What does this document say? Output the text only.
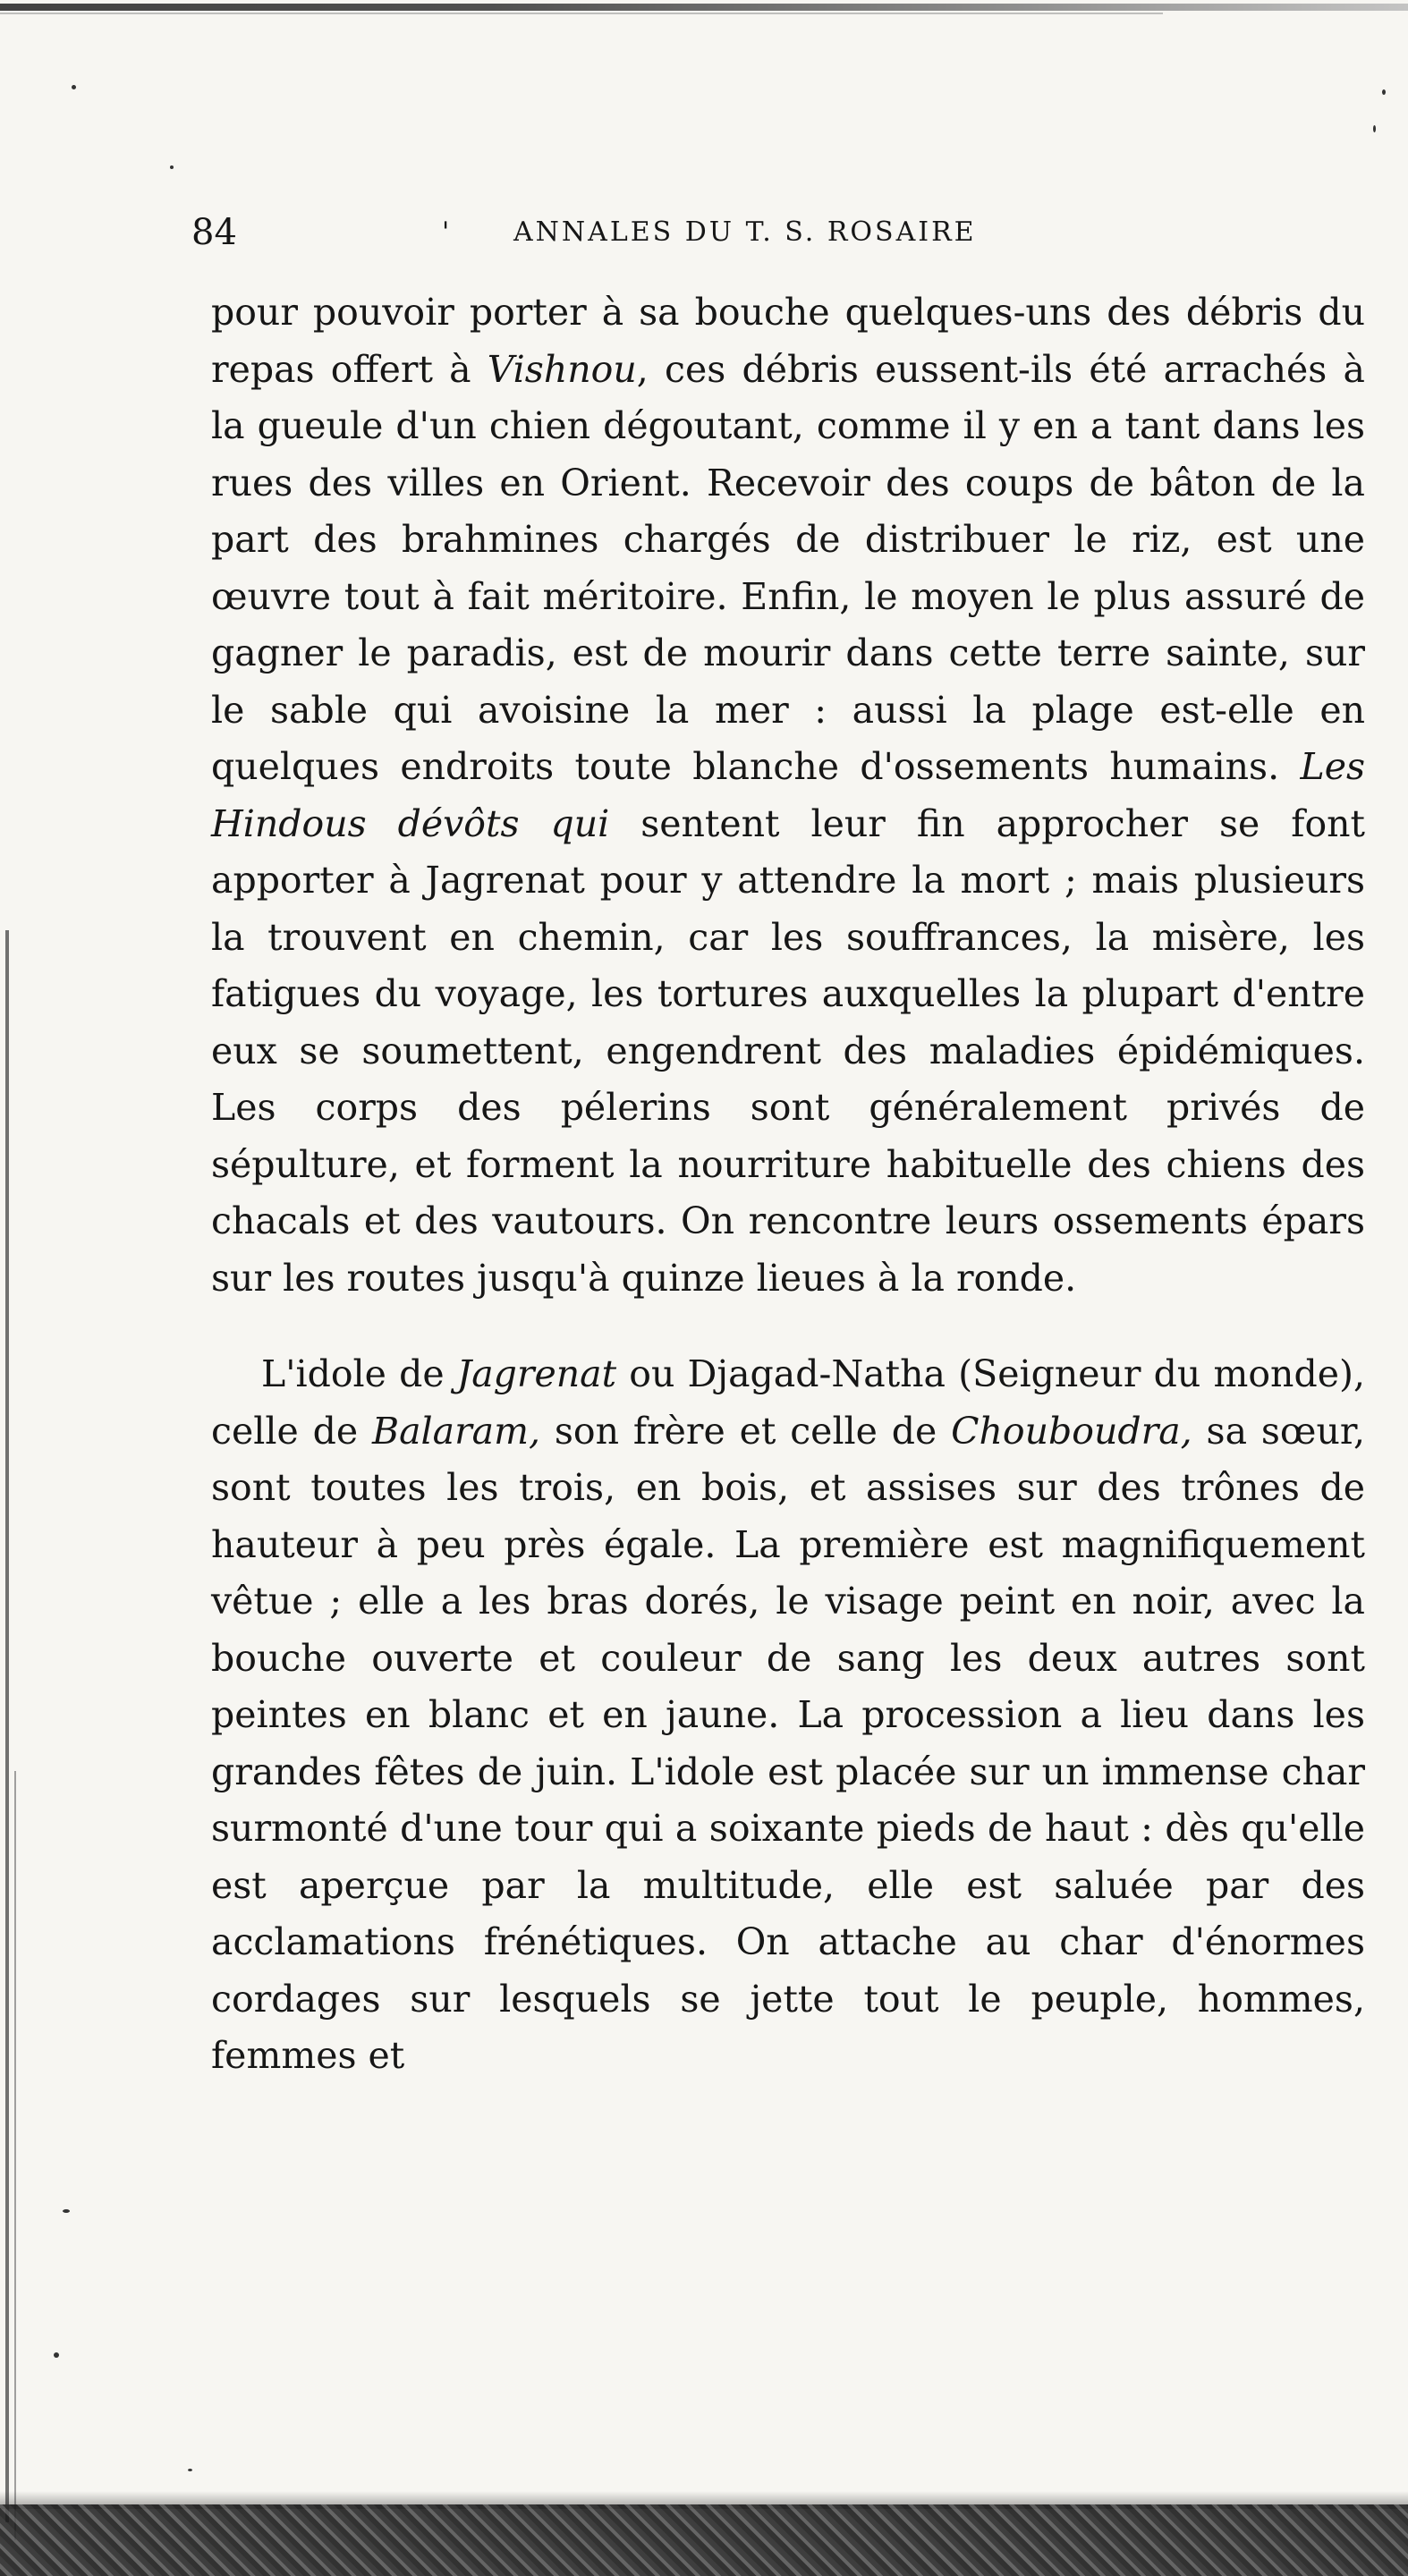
84	' ANNALES DU T. S. ROSAIRE

pour pouvoir porter à sa bouche quelques-uns des débris du repas offert à Vishnou, ces débris eussent-ils été arrachés à la gueule d'un chien dégoutant, comme il y en a tant dans les rues des villes en Orient. Recevoir des coups de bâton de la part des brahmines chargés de distribuer le riz, est une œuvre tout à fait méritoire. Enfin, le moyen le plus assuré de gagner le paradis, est de mourir dans cette terre sainte, sur le sable qui avoisine la mer : aussi la plage est-elle en quelques endroits toute blanche d'ossements humains. Les Hindous dévôts qui sentent leur fin approcher se font apporter à Jagrenat pour y attendre la mort ; mais plusieurs la trouvent en chemin, car les souffrances, la misère, les fatigues du voyage, les tortures auxquelles la plupart d'entre eux se soumettent, engendrent des maladies épidémiques. Les corps des pélerins sont généralement privés de sépulture, et forment la nourriture habituelle des chiens des chacals et des vautours. On rencontre leurs ossements épars sur les routes jusqu'à quinze lieues à la ronde.

L'idole de Jagrenat ou Djagad-Natha (Seigneur du monde), celle de Balaram, son frère et celle de Chouboudra, sa sœur, sont toutes les trois, en bois, et assises sur des trônes de hauteur à peu près égale. La première est magnifiquement vêtue ; elle a les bras dorés, le visage peint en noir, avec la bouche ouverte et couleur de sang les deux autres sont peintes en blanc et en jaune. La procession a lieu dans les grandes fêtes de juin. L'idole est placée sur un immense char surmonté d'une tour qui a soixante pieds de haut : dès qu'elle est aperçue par la multitude, elle est saluée par des acclamations frénétiques. On attache au char d'énormes cordages sur lesquels se jette tout le peuple, hommes, femmes et
